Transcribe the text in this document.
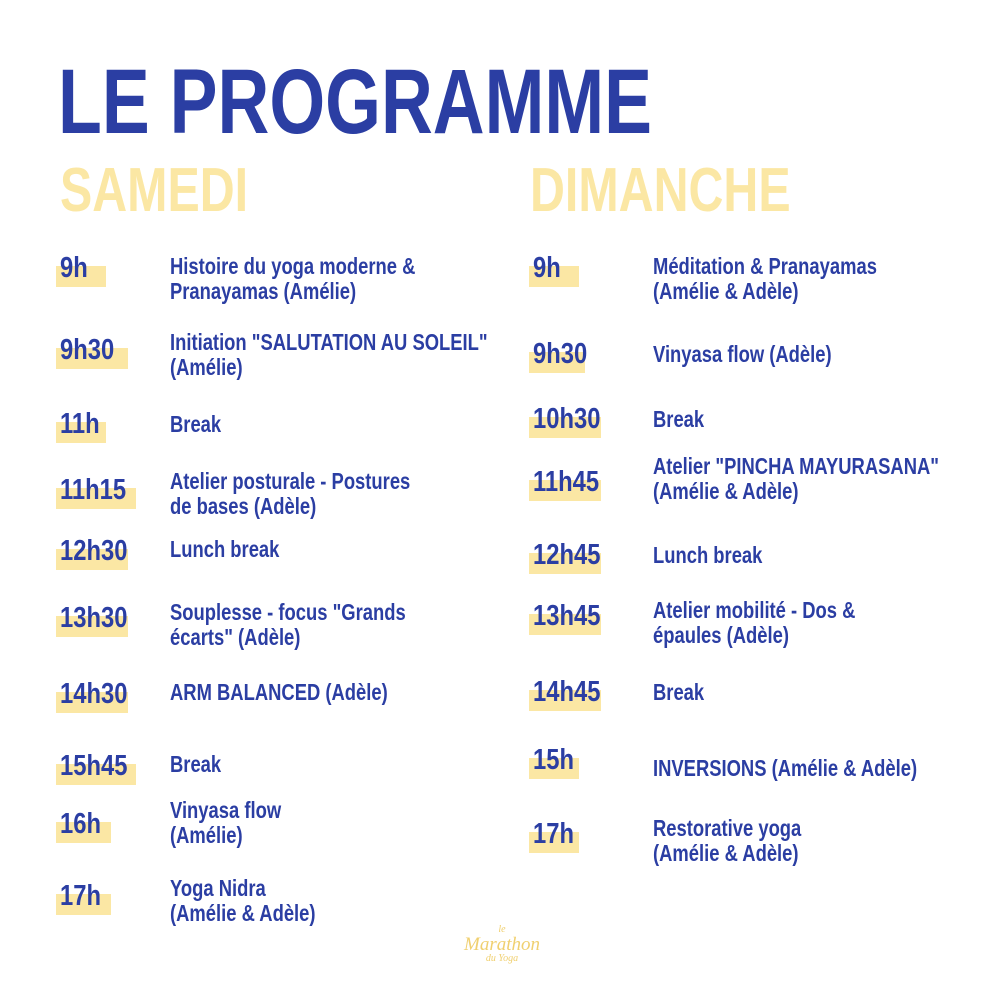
LE PROGRAMME
SAMEDI	DIMANCHE
9h	Histoire du yoga moderne &
Pranayamas (Amélie)
9h30 Initiation "SALUTATION AU SOLEIL"
(Amélie)
11h	Break
11h15 Atelier posturale - Postures
de bases (Adèle)
12h30 Lunch break
13h30 Souplesse - focus "Grands
écarts" (Adèle)
14h30 ARM BALANCED (Adèle)
15h45 Break
16h	Vinyasa flow
(Amélie)
17h	Yoga Nidra
(Amélie & Adèle)
9h	Méditation & Pranayamas
(Amélie & Adèle)
9h30	Vinyasa flow (Adèle)
10h30 Break
11h45 Atelier "PINCHA MAYURASANA"
(Amélie & Adèle)
12h45 Lunch break
13h45 Atelier mobilité - Dos &
épaules (Adèle)
14h45 Break
15h	INVERSIONS (Amélie & Adèle)
17h	Restorative yoga
(Amélie & Adèle)
le
Marathon
du Yoga
